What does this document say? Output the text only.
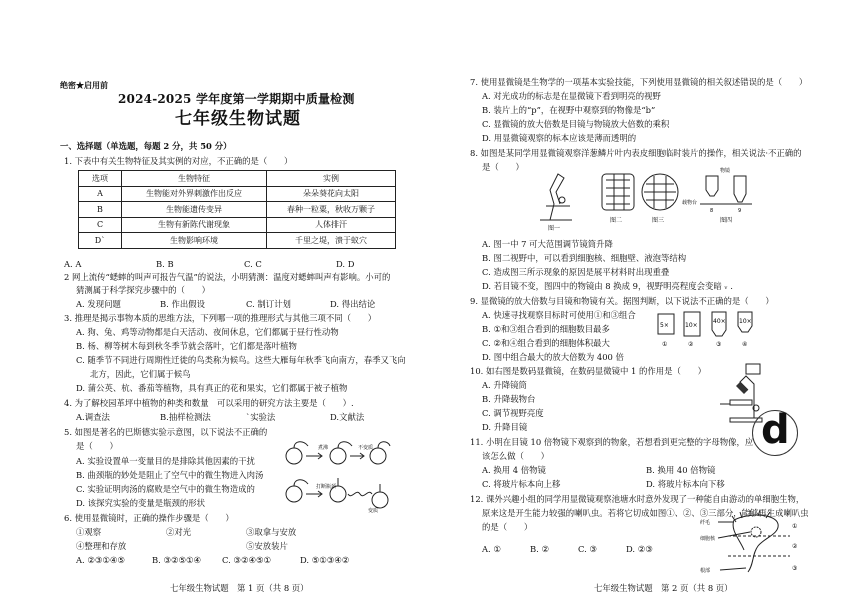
绝密★启用前
2024-2025 学年度第一学期期中质量检测
七年级生物试题
一、选择题（单选题，每题 2 分，共 50 分）
1. 下表中有关生物特征及其实例的对应，不正确的是（　　）
选项	生物特征	实例
A	生物能对外界刺激作出反应	朵朵葵花向太阳
B	生物能遗传变异	春种一粒粟，秋收万颗子
C	生物有新陈代谢现象	人体排汗
D`	生物影响环境	千里之堤，溃于蚁穴
A. A	B. B	C. C	D. D
2 网上流传“蟋蟀的叫声可报告气温”的说法，小明猜测：温度对蟋蟀叫声有影响。小可的
猜测属于科学探究步骤中的（　　）
A. 发现问题	B. 作出假设	C. 制订计划	D. 得出结论
3. 推理是揭示事物本质的思维方法，下列哪一项的推理形式与其他三项不同（　　）
A. 狗、兔、鸡等动物都是白天活动、夜间休息，它们都属于昼行性动物
B. 杨、柳等树木每到秋冬季节就会落叶，它们都是落叶植物
C. 随季节不同进行周期性迁徙的鸟类称为候鸟。这些大雁每年秋季飞向南方，春季又飞向
北方，因此，它们属于候鸟
D. 蒲公英、杭、番茄等植物，具有真正的花和果实，它们都属于被子植物
4. 为了解校园革坪中植物的种类和数量　可以采用的研究方法主要是（　　）.
A.调查法	B.抽样检测法	`实验法	D.文献法
5. 如图是著名的巴斯德实验示意图，以下说法不正确的
是（　　）
A. 实验设置单一变量目的是排除其他因素的干扰
B. 曲颈瓶的妙处是阻止了空气中的微生物进入肉汤
C. 实验证明肉汤的腐败是空气中的微生物造成的
D. 该探究实验的变量是瓶颈的形状
煮沸	不变质
打断瓶颈
变质
6. 使用显微镜时，正确的操作步骤是（　　）
①观察	②对光	③取拿与安放
④整理和存放	⑤安放装片
A. ②③①④⑤	B. ③②⑤①④ C. ③②④⑤①	D. ⑤①③④②
七年级生物试题　第 1 页（共 8 页）
7. 使用显微镜是生物学的一项基本实验技能，下列使用显微镜的相关叙述错误的是（　　）
A. 对光成功的标志是在显微镜下看到明亮的视野
B. 装片上的“p”，在视野中观察到的物像是“b”
C. 显微镜的放大倍数是目镜与物镜放大倍数的乘积
D. 用显微镜观察的标本应该是薄而透明的
8. 如图是某同学用显微镜观察洋葱鳞片叶内表皮细胞临时装片的操作，相关说法·不正确的
是（　　）
图一
图二	图三	图四
物镜
载物台
8	9
A. 图一中 7 可大范围调节镜筒升降
B. 图二视野中，可以看到细胞核、细胞壁、液泡等结构
C. 造成图三所示现象的原因是展平材料时出现重叠
D. 若目镜不变，图四中的物镜由 8 换成 9，视野明亮程度会变暗 ᵥ .
9. 显微镜的放大倍数与目镜和物镜有关。据图判断，以下说法不正确的是（　　）
A. 快速寻找观察目标时可使用①和③组合
B. ①和③组合看到的细胞数目最多
C. ②和④组合看到的细胞体积最大
D. 图中组合最大的放大倍数为 400 倍
5×	10×
40× 10×
①	②	③	④
10. 如右图是数码显微镜，在数码显微镜中 1 的作用是（　　）
A. 升降镜筒
B. 升降载物台
C. 调节视野亮度
D. 升降目镜
11. 小明在目镜 10 倍物镜下观察到的物象，若想看到更完整的字母物像，应
该怎么做（　　）
A. 换用 4 倍物镜	B. 换用 40 倍物镜
C. 将玻片标本向上移	D. 将玻片标本向下移
d
12. 课外兴趣小组的同学用显微镜观察池塘水时意外发现了一种能自由游动的单细胞生物，
原来这是开生能力较强的喇叭虫。若将它切成如图①、②、③三部分，能够再生成喇叭虫
的是（　　）
A. ①	B. ②	C. ③	D. ②③
纤毛
细胞核
根部
①
②
③
七年级生物试题　第 2 页（共 8 页）
